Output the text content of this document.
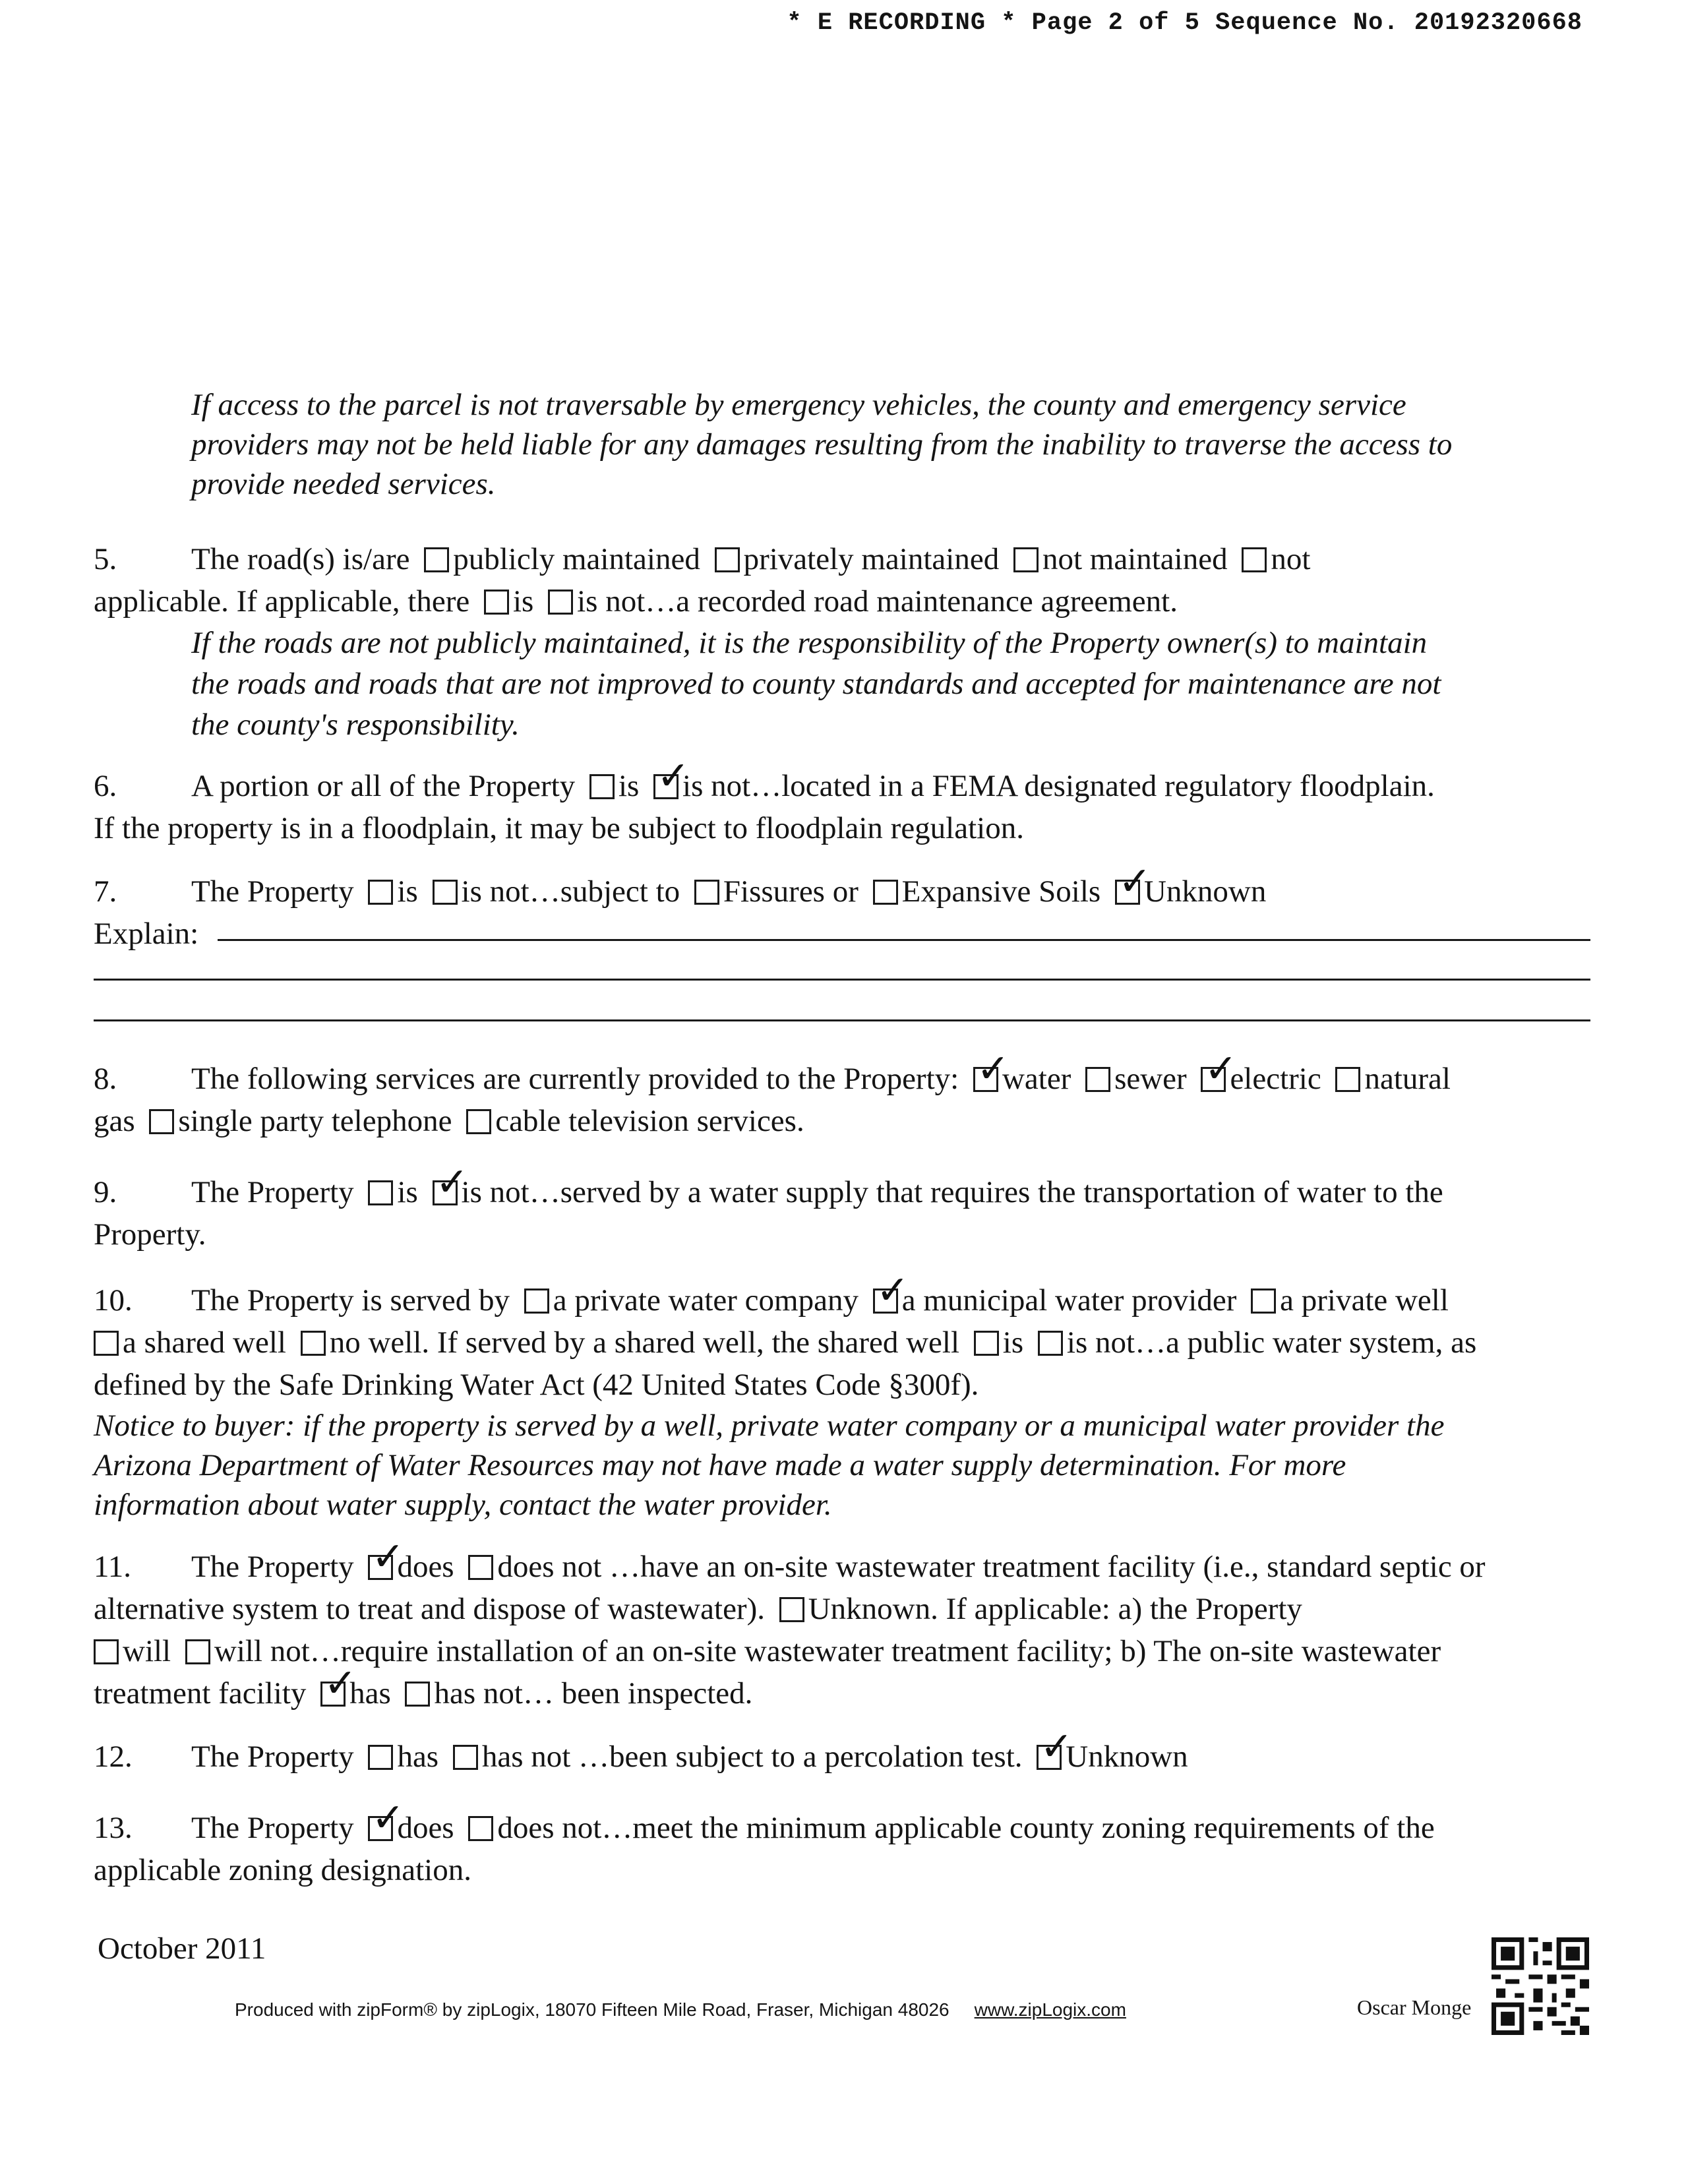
* E RECORDING * Page 2 of 5 Sequence No. 20192320668
If access to the parcel is not traversable by emergency vehicles, the county and emergency service
providers may not be held liable for any damages resulting from the inability to traverse the access to
provide needed services.
5. The road(s) is/are publicly maintained privately maintained not maintained not
applicable. If applicable, there is is not…a recorded road maintenance agreement.
If the roads are not publicly maintained, it is the responsibility of the Property owner(s) to maintain
the roads and roads that are not improved to county standards and accepted for maintenance are not
the county's responsibility.
6. A portion or all of the Property is ✓ is not…located in a FEMA designated regulatory floodplain.
If the property is in a floodplain, it may be subject to floodplain regulation.
7. The Property is is not…subject to Fissures or Expansive Soils ✓ Unknown
Explain:
8. The following services are currently provided to the Property: ✓ water sewer ✓ electric natural
gas single party telephone cable television services.
9. The Property is ✓ is not…served by a water supply that requires the transportation of water to the
Property.
10. The Property is served by a private water company ✓ a municipal water provider a private well
a shared well no well. If served by a shared well, the shared well is is not…a public water system, as
defined by the Safe Drinking Water Act (42 United States Code §300f).
Notice to buyer: if the property is served by a well, private water company or a municipal water provider the
Arizona Department of Water Resources may not have made a water supply determination. For more
information about water supply, contact the water provider.
11. The Property ✓ does does not …have an on-site wastewater treatment facility (i.e., standard septic or
alternative system to treat and dispose of wastewater). Unknown. If applicable: a) the Property
will will not…require installation of an on-site wastewater treatment facility; b) The on-site wastewater
treatment facility ✓ has has not… been inspected.
12. The Property has has not …been subject to a percolation test. ✓ Unknown
13. The Property ✓ does does not…meet the minimum applicable county zoning requirements of the
applicable zoning designation.
October 2011
Produced with zipForm® by zipLogix, 18070 Fifteen Mile Road, Fraser, Michigan 48026 www.zipLogix.com	Oscar Monge
